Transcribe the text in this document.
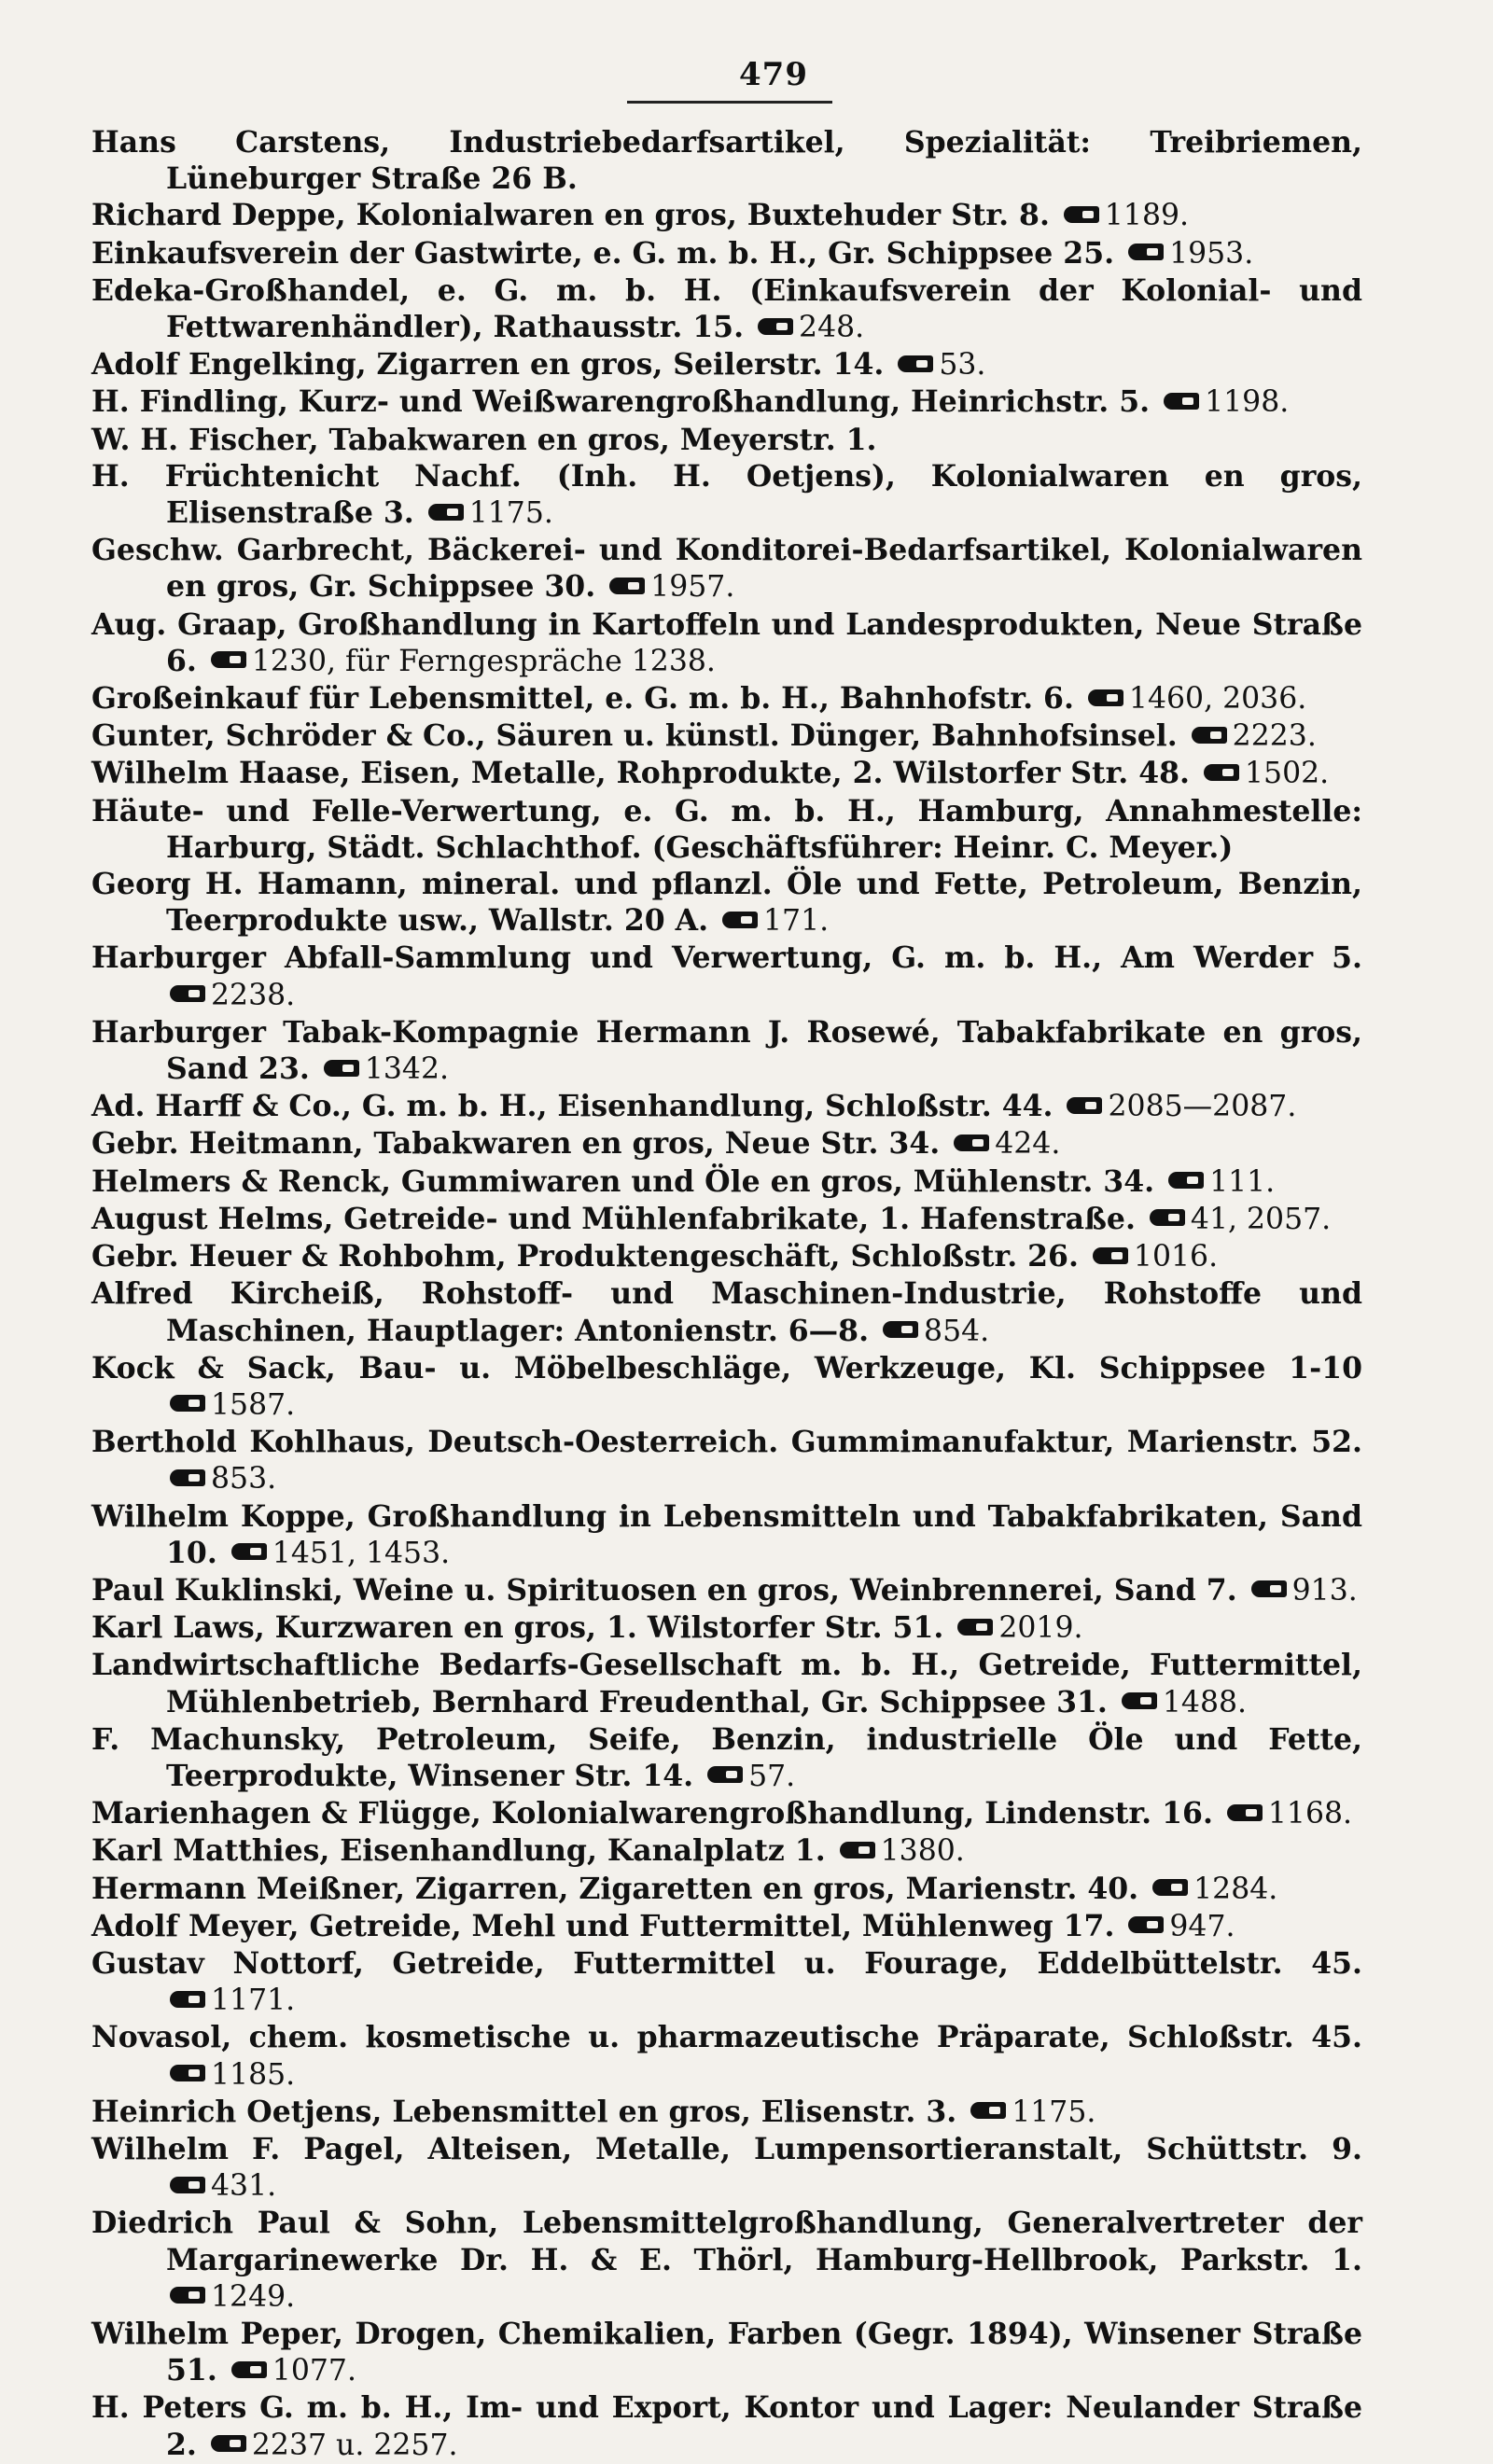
479

Hans Carstens, Industriebedarfsartikel, Spezialität: Treibriemen, Lüneburger Straße 26 B.

Richard Deppe, Kolonialwaren en gros, Buxtehuder Str. 8. 1189.

Einkaufsverein der Gastwirte, e. G. m. b. H., Gr. Schippsee 25. 1953.

Edeka-Großhandel, e. G. m. b. H. (Einkaufsverein der Kolonial- und Fettwarenhändler), Rathausstr. 15. 248.

Adolf Engelking, Zigarren en gros, Seilerstr. 14. 53.

H. Findling, Kurz- und Weißwarengroßhandlung, Heinrichstr. 5. 1198.

W. H. Fischer, Tabakwaren en gros, Meyerstr. 1.

H. Früchtenicht Nachf. (Inh. H. Oetjens), Kolonialwaren en gros, Elisenstraße 3. 1175.

Geschw. Garbrecht, Bäckerei- und Konditorei-Bedarfsartikel, Kolonialwaren en gros, Gr. Schippsee 30. 1957.

Aug. Graap, Großhandlung in Kartoffeln und Landesprodukten, Neue Straße 6. 1230, für Ferngespräche 1238.

Großeinkauf für Lebensmittel, e. G. m. b. H., Bahnhofstr. 6. 1460, 2036.

Gunter, Schröder & Co., Säuren u. künstl. Dünger, Bahnhofsinsel. 2223.

Wilhelm Haase, Eisen, Metalle, Rohprodukte, 2. Wilstorfer Str. 48. 1502.

Häute- und Felle-Verwertung, e. G. m. b. H., Hamburg, Annahmestelle: Harburg, Städt. Schlachthof. (Geschäftsführer: Heinr. C. Meyer.)

Georg H. Hamann, mineral. und pflanzl. Öle und Fette, Petroleum, Benzin, Teerprodukte usw., Wallstr. 20 A. 171.

Harburger Abfall-Sammlung und Verwertung, G. m. b. H., Am Werder 5. 2238.

Harburger Tabak-Kompagnie Hermann J. Rosewé, Tabakfabrikate en gros, Sand 23. 1342.

Ad. Harff & Co., G. m. b. H., Eisenhandlung, Schloßstr. 44. 2085—2087.

Gebr. Heitmann, Tabakwaren en gros, Neue Str. 34. 424.

Helmers & Renck, Gummiwaren und Öle en gros, Mühlenstr. 34. 111.

August Helms, Getreide- und Mühlenfabrikate, 1. Hafenstraße. 41, 2057.

Gebr. Heuer & Rohbohm, Produktengeschäft, Schloßstr. 26. 1016.

Alfred Kircheiß, Rohstoff- und Maschinen-Industrie, Rohstoffe und Maschinen, Hauptlager: Antonienstr. 6—8. 854.

Kock & Sack, Bau- u. Möbelbeschläge, Werkzeuge, Kl. Schippsee 1-10 1587.

Berthold Kohlhaus, Deutsch-Oesterreich. Gummimanufaktur, Marienstr. 52. 853.

Wilhelm Koppe, Großhandlung in Lebensmitteln und Tabakfabrikaten, Sand 10. 1451, 1453.

Paul Kuklinski, Weine u. Spirituosen en gros, Weinbrennerei, Sand 7. 913.

Karl Laws, Kurzwaren en gros, 1. Wilstorfer Str. 51. 2019.

Landwirtschaftliche Bedarfs-Gesellschaft m. b. H., Getreide, Futtermittel, Mühlenbetrieb, Bernhard Freudenthal, Gr. Schippsee 31. 1488.

F. Machunsky, Petroleum, Seife, Benzin, industrielle Öle und Fette, Teerprodukte, Winsener Str. 14. 57.

Marienhagen & Flügge, Kolonialwarengroßhandlung, Lindenstr. 16. 1168.

Karl Matthies, Eisenhandlung, Kanalplatz 1. 1380.

Hermann Meißner, Zigarren, Zigaretten en gros, Marienstr. 40. 1284.

Adolf Meyer, Getreide, Mehl und Futtermittel, Mühlenweg 17. 947.

Gustav Nottorf, Getreide, Futtermittel u. Fourage, Eddelbüttelstr. 45. 1171.

Novasol, chem. kosmetische u. pharmazeutische Präparate, Schloßstr. 45. 1185.

Heinrich Oetjens, Lebensmittel en gros, Elisenstr. 3. 1175.

Wilhelm F. Pagel, Alteisen, Metalle, Lumpensortieranstalt, Schüttstr. 9. 431.

Diedrich Paul & Sohn, Lebensmittelgroßhandlung, Generalvertreter der Margarinewerke Dr. H. & E. Thörl, Hamburg-Hellbrook, Parkstr. 1. 1249.

Wilhelm Peper, Drogen, Chemikalien, Farben (Gegr. 1894), Winsener Straße 51. 1077.

H. Peters G. m. b. H., Im- und Export, Kontor und Lager: Neulander Straße 2. 2237 u. 2257.
